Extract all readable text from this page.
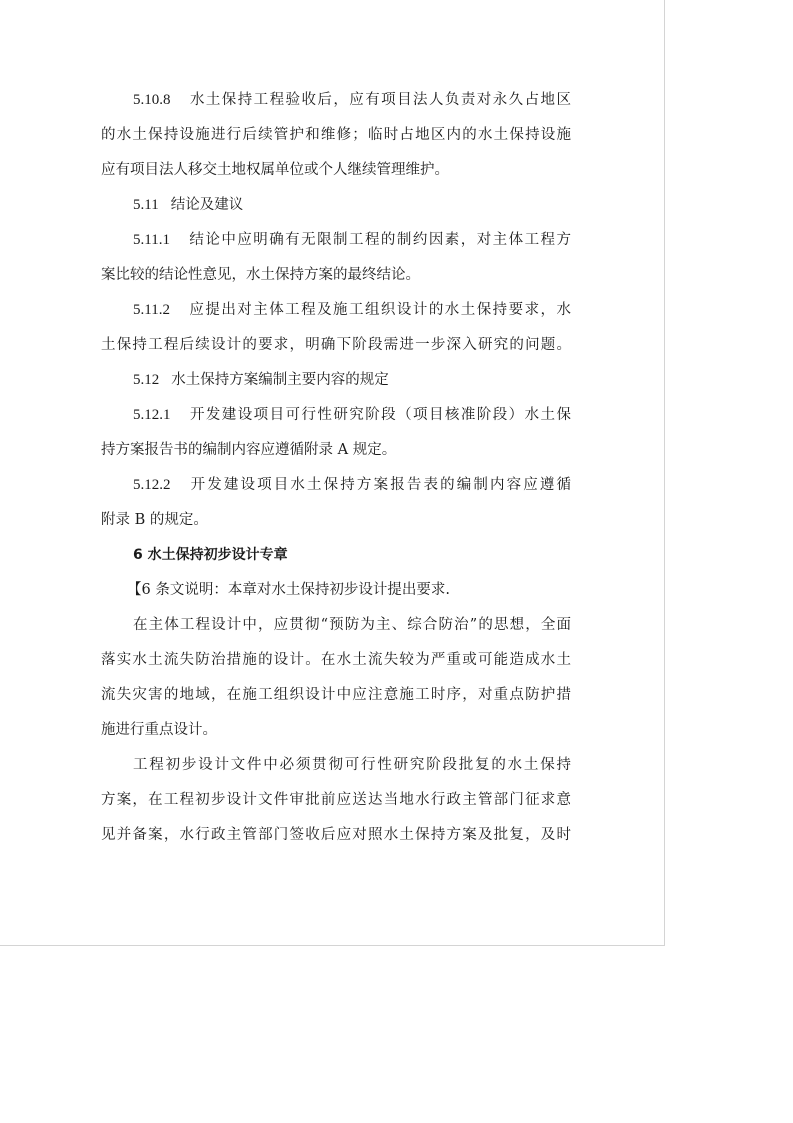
5.10.8 水土保持工程验收后，应有项目法人负责对永久占地区
的水土保持设施进行后续管护和维修；临时占地区内的水土保持设施
应有项目法人移交土地权属单位或个人继续管理维护。
5.11 结论及建议
5.11.1 结论中应明确有无限制工程的制约因素，对主体工程方
案比较的结论性意见，水土保持方案的最终结论。
5.11.2 应提出对主体工程及施工组织设计的水土保持要求，水
土保持工程后续设计的要求，明确下阶段需进一步深入研究的问题。
5.12 水土保持方案编制主要内容的规定
5.12.1 开发建设项目可行性研究阶段（项目核准阶段）水土保
持方案报告书的编制内容应遵循附录 A 规定。
5.12.2 开发建设项目水土保持方案报告表的编制内容应遵循
附录 B 的规定。
6 水土保持初步设计专章
【6 条文说明：本章对水土保持初步设计提出要求.
在主体工程设计中，应贯彻“预防为主、综合防治”的思想，全面
落实水土流失防治措施的设计。在水土流失较为严重或可能造成水土
流失灾害的地域，在施工组织设计中应注意施工时序，对重点防护措
施进行重点设计。
工程初步设计文件中必须贯彻可行性研究阶段批复的水土保持
方案，在工程初步设计文件审批前应送达当地水行政主管部门征求意
见并备案，水行政主管部门签收后应对照水土保持方案及批复，及时
